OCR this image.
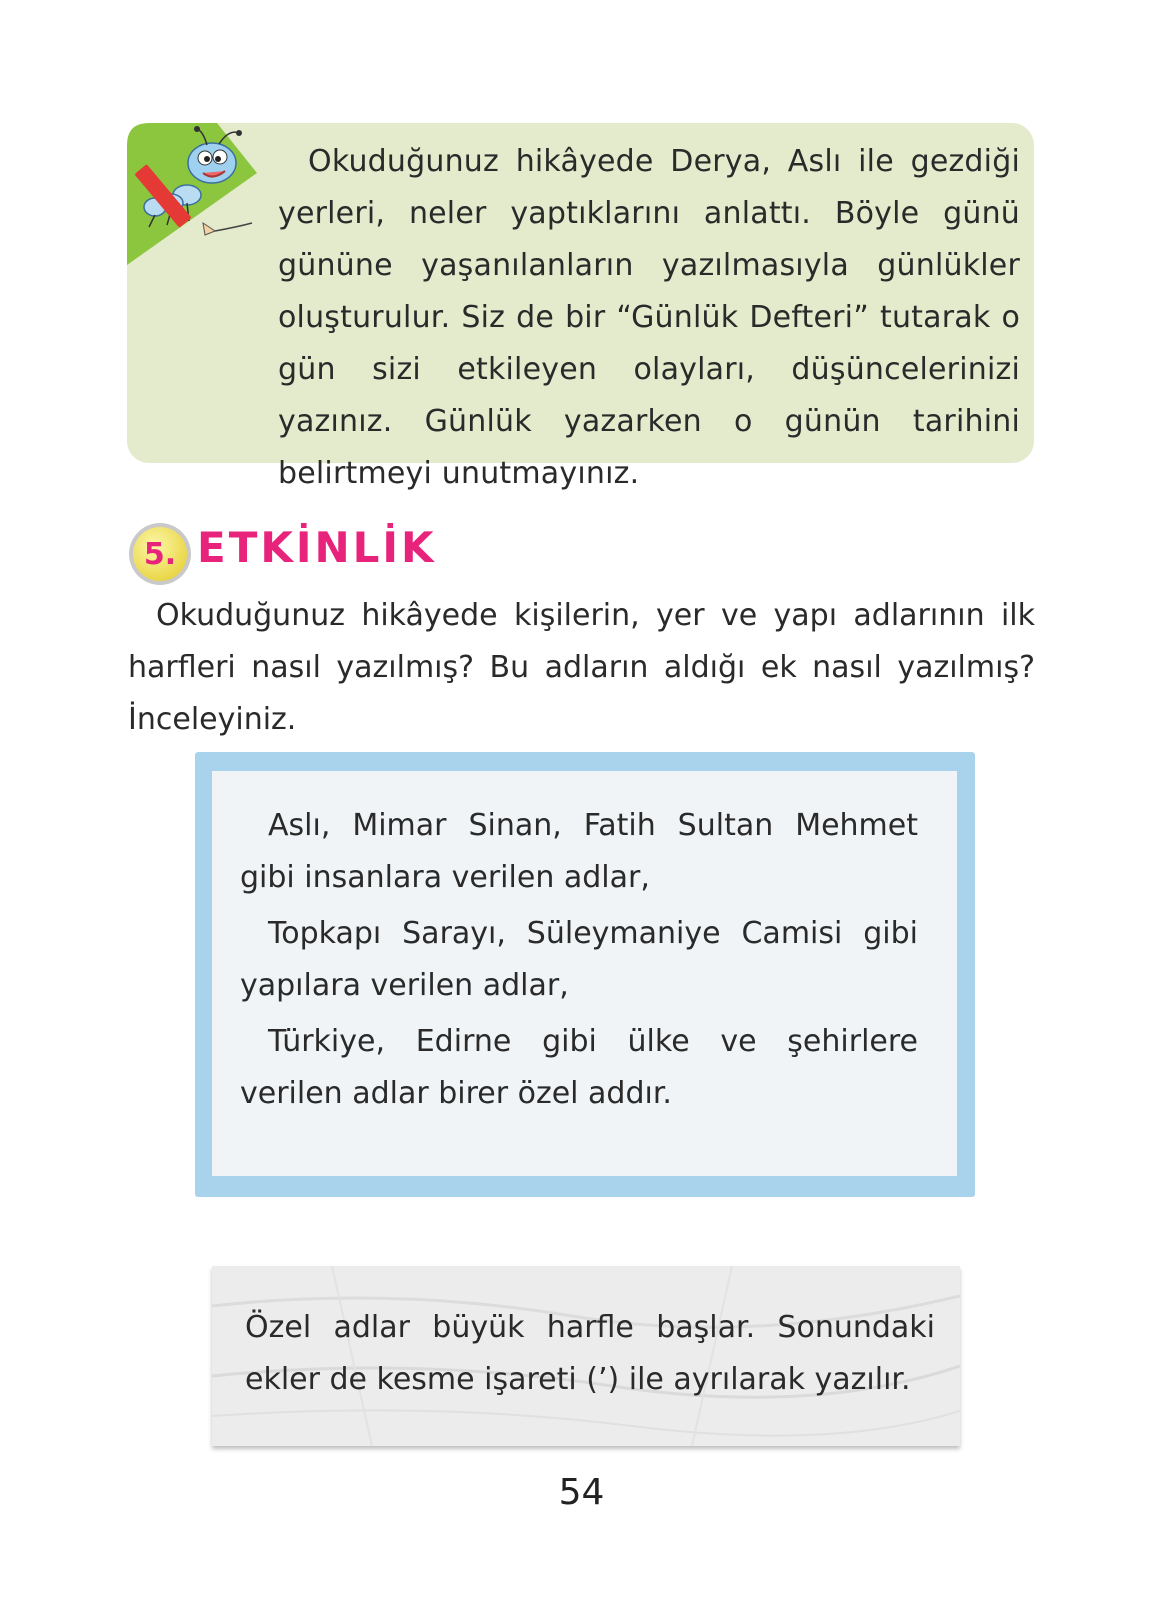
Okuduğunuz hikâyede Derya, Aslı ile gezdiği yerleri, neler yaptıklarını anlattı. Böyle günü gününe yaşanılanların yazılmasıyla günlükler oluşturulur. Siz de bir “Günlük Defteri” tutarak o gün sizi etkileyen olayları, düşüncelerinizi yazınız. Günlük yazarken o günün tarihini belirtmeyi unutmayınız.
5. ETKİNLİK
Okuduğunuz hikâyede kişilerin, yer ve yapı adlarının ilk harfleri nasıl yazılmış? Bu adların aldığı ek nasıl yazılmış? İnceleyiniz.
Aslı, Mimar Sinan, Fatih Sultan Mehmet gibi insanlara verilen adlar,
Topkapı Sarayı, Süleymaniye Camisi gibi yapılara verilen adlar,
Türkiye, Edirne gibi ülke ve şehirlere verilen adlar birer özel addır.
Özel adlar büyük harfle başlar. Sonundaki ekler de kesme işareti (’) ile ayrılarak yazılır.
54
